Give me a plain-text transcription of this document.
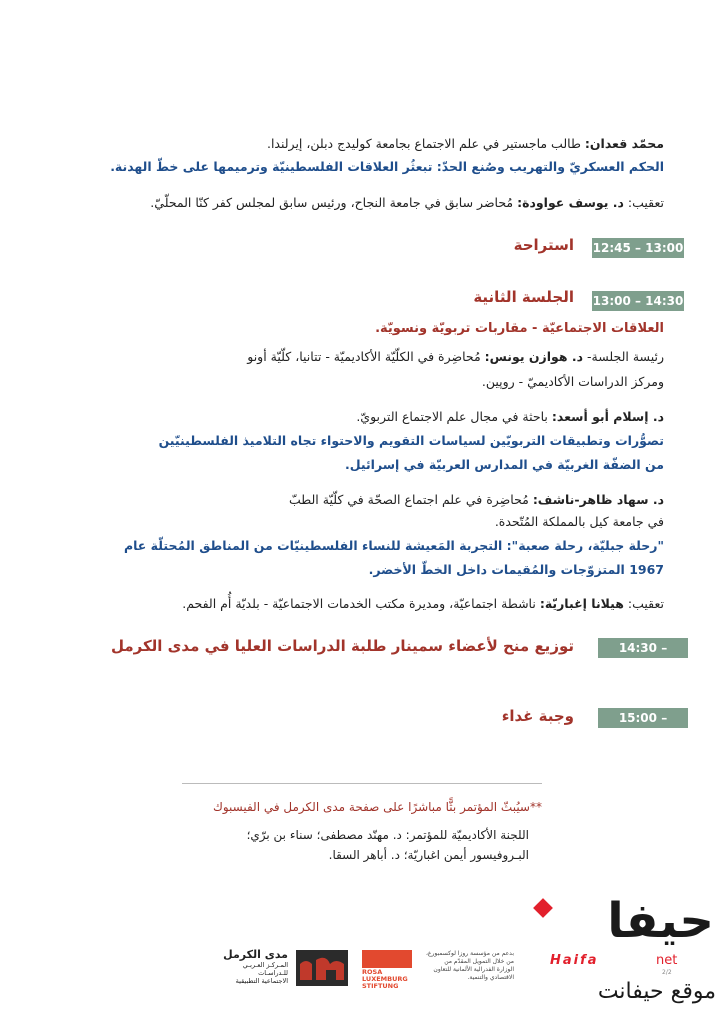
محمّد قعدان: طالب ماجستير في علم الاجتماع بجامعة كوليدج دبلن، إيرلندا.
الحكم العسكريّ والتهريب وصُنع الحدّ: تبعثُر العلاقات الفلسطينيّة وترميمها على خطّ الهدنة.
تعقيب: د. يوسف عواودة: مُحاضر سابق في جامعة النجاح، ورئيس سابق لمجلس كفر كنّا المحلّيّ.
12:45 – 13:00
استراحة
13:00 – 14:30
الجلسة الثانية
العلاقات الاجتماعيّة - مقاربات تربويّة ونسويّة.
رئيسة الجلسة- د. هوازن يونس: مُحاضِرة في الكلّيّة الأكاديميّة - تتانيا، كلّيّة أونو
ومركز الدراسات الأكاديميّ - روپين.
د. إسلام أبو أسعد: باحثة في مجال علم الاجتماع التربويّ.
تصوُّرات وتطبيقات التربويّين لسياسات التقويم والاحتواء تجاه التلاميذ الفلسطينيّين
من الضفّة الغربيّة في المدارس العربيّة في إسرائيل.
د. سهاد ظاهر-ناشف: مُحاضِرة في علم اجتماع الصحّة في كلّيّة الطبّ
في جامعة كيل بالمملكة المُتّحدة.
"رحلة جبليّة، رحلة صعبة": التجربة المَعيشة للنساء الفلسطينيّات من المناطق المُحتلّة عام
1967 المتزوّجات والمُقيمات داخل الخطّ الأخضر.
تعقيب: هيلانا إغباريّة: ناشطة اجتماعيّة، ومديرة مكتب الخدمات الاجتماعيّة - بلديّة أُم الفحم.
14:30 – 15:00
توزيع منح لأعضاء سمينار طلبة الدراسات العليا في مدى الكرمل
15:00 – 16:00
وجبة غداء
**سيُبثّ المؤتمر بثًّا مباشرًا على صفحة مدى الكرمل في الفيسبوك
اللجنة الأكاديميّة للمؤتمر: د. مهنّد مصطفى؛ سناء بن برّي؛
البـروفيسور أيمن اغباريّة؛ د. أباهر السقا.
مدى الكرمل
المـركـز العـربـي للـدراسـات
الاجتماعية التطبيقية
ROSA
LUXEMBURG
STIFTUNG
بدعم من مؤسسة روزا لوكسمبورغ،
من خلال التمويل المقدّم من
الوزارة الفدرالية الألمانية للتعاون
الاقتصادي والتنمية.
حيفا
Haifa	net
2/2
موقع حيفانت
